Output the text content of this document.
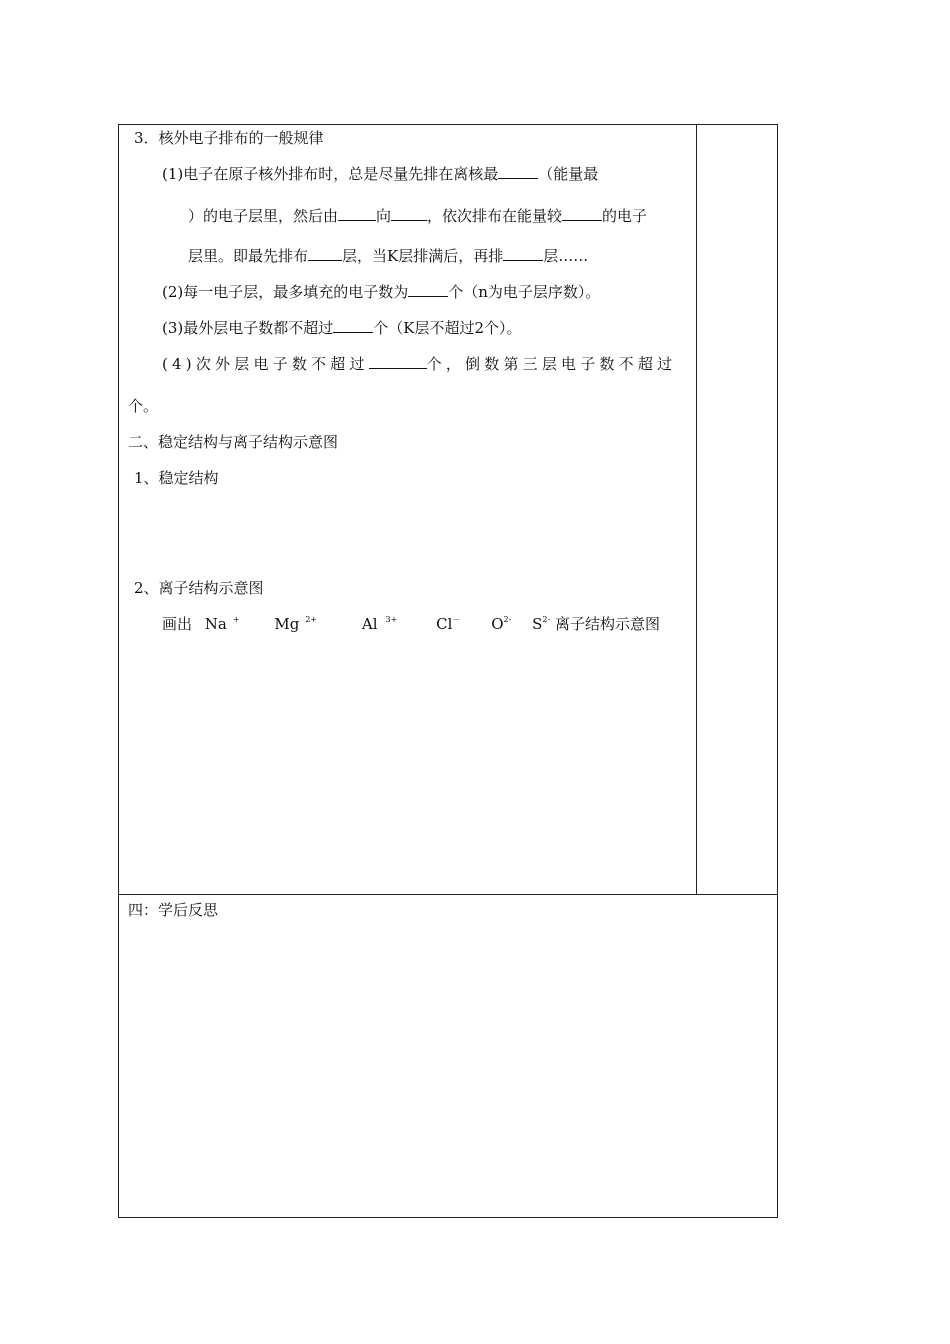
3．核外电子排布的一般规律
(1)电子在原子核外排布时，总是尽量先排在离核最	（能量最
）的电子层里，然后由	向 ，依次排布在能量较	的电子
层里。即最先排布 层，当K层排满后，再排	层……
(2)每一电子层，最多填充的电子数为	个（n为电子层序数）。
(3)最外层电子数都不超过	个（K层不超过2个）。
(4)次外层电子数不超过	个，倒数第三层电子数不超过
个。
二、稳定结构与离子结构示意图
1、稳定结构
2、离子结构示意图
画出 Na + Mg $^{2+}$	Al $^{3+}$	Cl－ $O^{2-}$ $S^{2-}$ 离子结构示意图
四：学后反思
